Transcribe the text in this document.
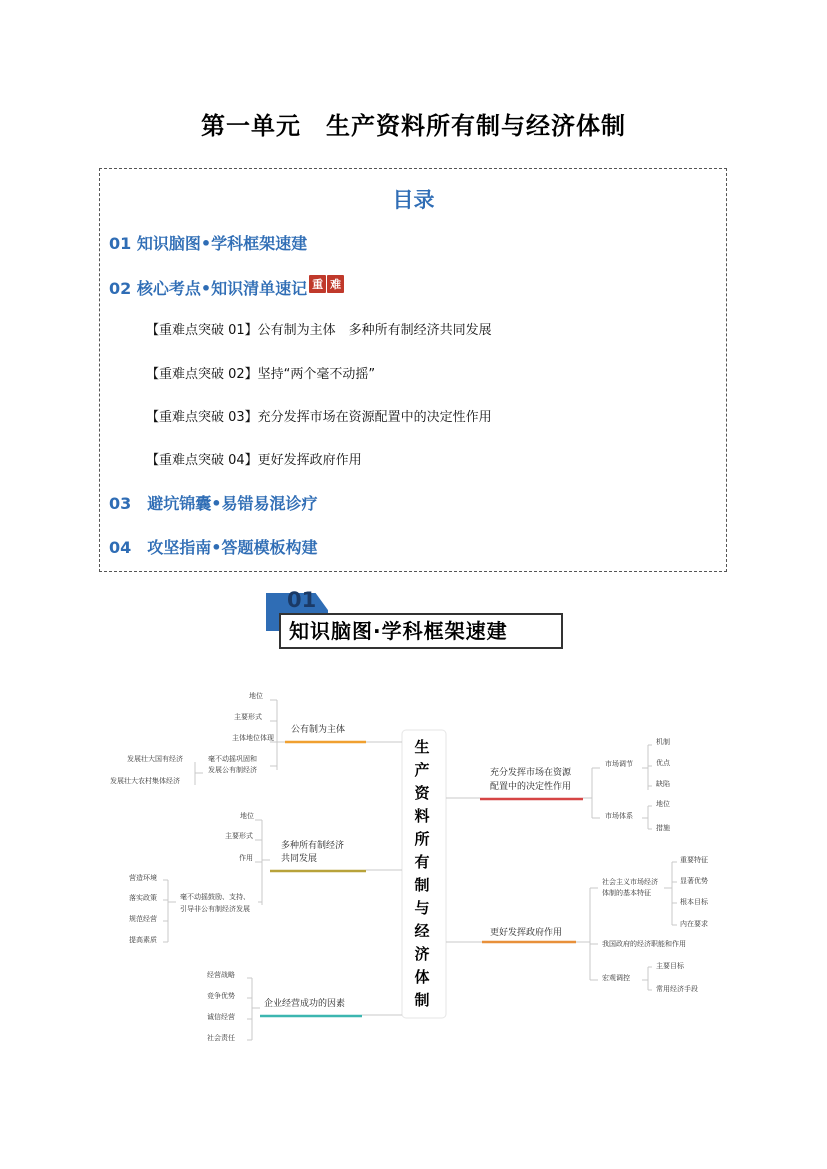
第一单元　生产资料所有制与经济体制
目录
01 知识脑图•学科框架速建
02 核心考点•知识清单速记 重 难
【重难点突破 01】公有制为主体　多种所有制经济共同发展
【重难点突破 02】坚持“两个毫不动摇”
【重难点突破 03】充分发挥市场在资源配置中的决定性作用
【重难点突破 04】更好发挥政府作用
03　避坑锦囊•易错易混诊疗
04　攻坚指南•答题模板构建
01
知识脑图·学科框架速建
公有制为主体
多种所有制经济
共同发展
企业经营成功的因素
充分发挥市场在资源
配置中的决定性作用
更好发挥政府作用
地位
主要形式
主体地位体现
毫不动摇巩固和
发展公有制经济
发展壮大国有经济
发展壮大农村集体经济
地位
主要形式
作用
毫不动摇鼓励、支持、
引导非公有制经济发展
营造环境
落实政策
规范经营
提高素质
经营战略
竞争优势
诚信经营
社会责任
市场调节
市场体系
机制
优点
缺陷
地位
措施
社会主义市场经济
体制的基本特征
我国政府的经济职能和作用
宏观调控
重要特征
显著优势
根本目标
内在要求
主要目标
常用经济手段
生
产
资
料
所
有
制
与
经
济
体
制
